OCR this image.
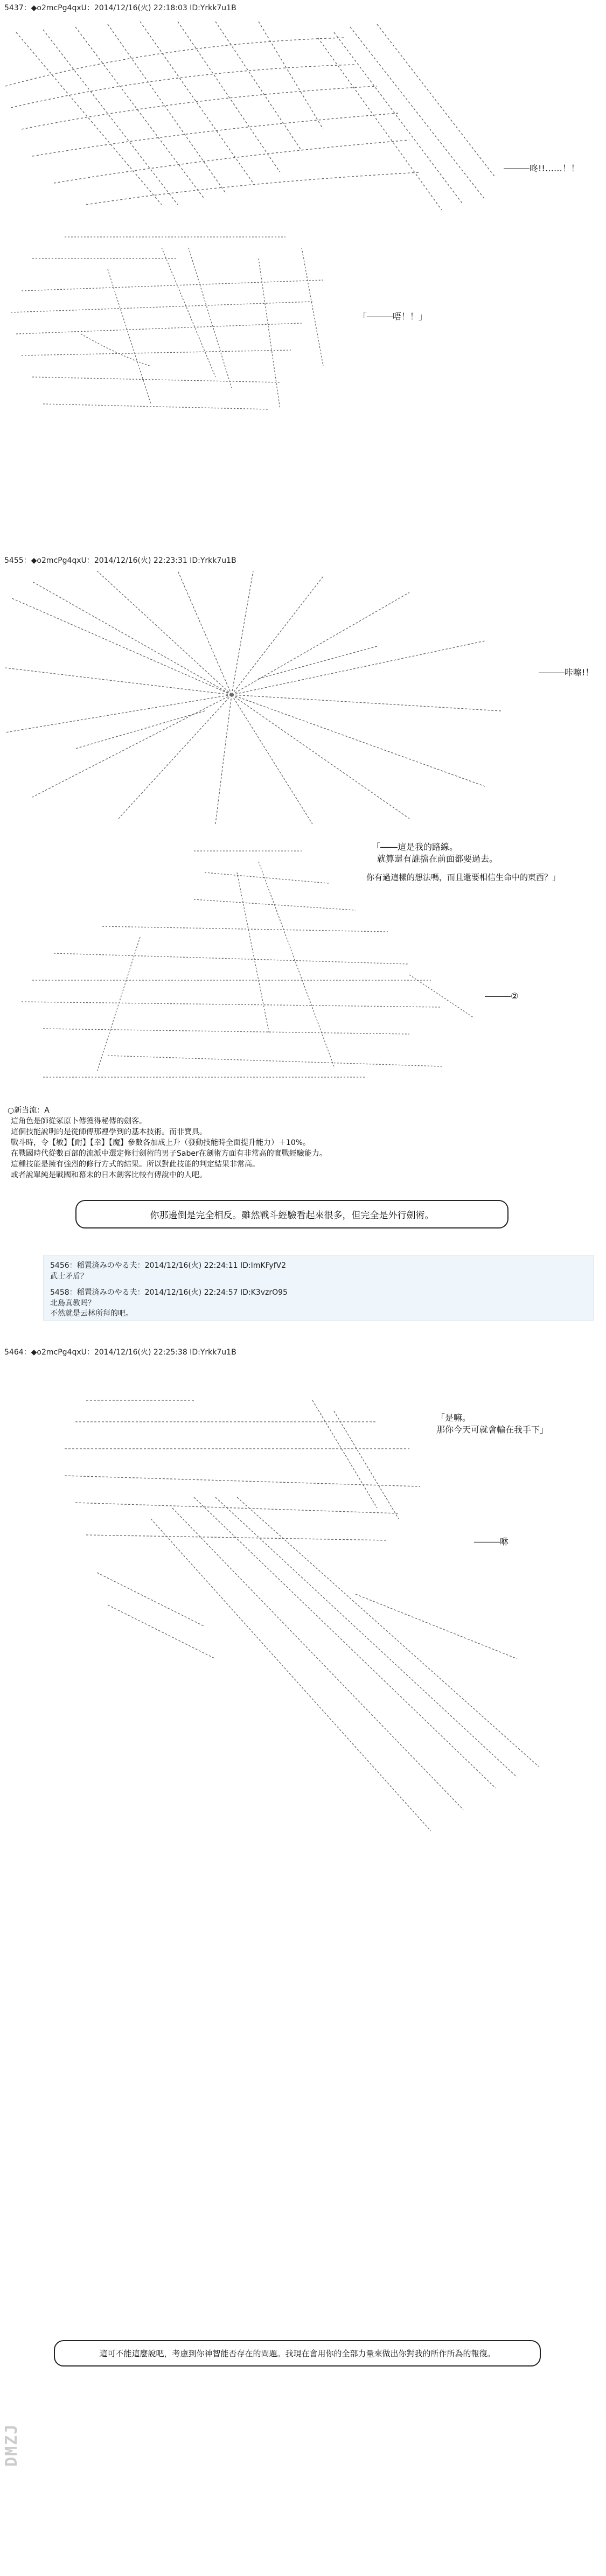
5437：◆o2mcPg4qxU：2014/12/16(火) 22:18:03 ID:Yrkk7u1B
―――咚!!……！！
「―――唔！！」
5455：◆o2mcPg4qxU：2014/12/16(火) 22:23:31 ID:Yrkk7u1B
―――咔嚓!！
「――這是我的路線。
就算還有誰擋在前面都要過去。
你有過這樣的想法嗎，而且還要相信生命中的東西？」
―――②
○新当流：A
這角色是師從冢原卜傳獲得秘傳的劍客。
這個技能說明的是從師傅那裡學到的基本技術。而非寶具。
戰斗時，令【敏】【耐】【幸】【魔】參數各加成上升（發動技能時全面提升能力）＋10%。
在戰國時代從數百部的流派中選定修行劍術的男子Saber在劍術方面有非常高的實戰經驗能力。
這種技能是擁有強烈的修行方式的結果。所以對此技能的判定結果非常高。
或者說單純是戰國和幕末的日本劍客比較有傳說中的人吧。
你那邊倒是完全相反。雖然戰斗經驗看起來很多，但完全是外行劍術。
5456：稲置済みのやる夫：2014/12/16(火) 22:24:11 ID:ImKFyfV2
武士矛盾？
5458：稲置済みのやる夫：2014/12/16(火) 22:24:57 ID:K3vzrO95
北島真教吗？
不然就是云林所拜的吧。
5464：◆o2mcPg4qxU：2014/12/16(火) 22:25:38 ID:Yrkk7u1B
「是嘛。
那你今天可就會輸在我手下」
―――咻
這可不能這麼說吧，考慮到你神智能否存在的問題。我現在會用你的全部力量來做出你對我的所作所為的報復。
DMZJ
